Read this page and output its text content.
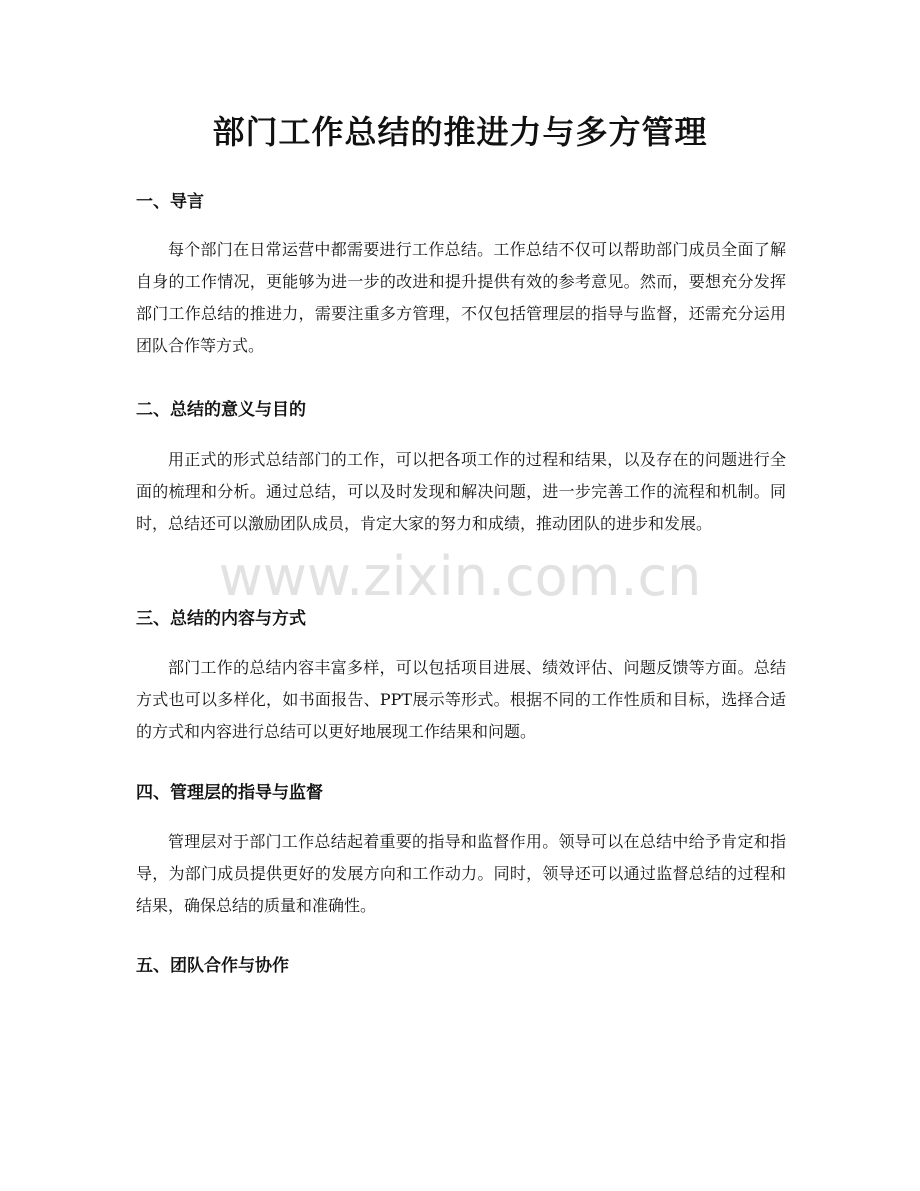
部门工作总结的推进力与多方管理
一、导言

每个部门在日常运营中都需要进行工作总结。工作总结不仅可以帮助部门成员全面了解自身的工作情况，更能够为进一步的改进和提升提供有效的参考意见。然而，要想充分发挥部门工作总结的推进力，需要注重多方管理，不仅包括管理层的指导与监督，还需充分运用团队合作等方式。

二、总结的意义与目的

用正式的形式总结部门的工作，可以把各项工作的过程和结果，以及存在的问题进行全面的梳理和分析。通过总结，可以及时发现和解决问题，进一步完善工作的流程和机制。同时，总结还可以激励团队成员，肯定大家的努力和成绩，推动团队的进步和发展。

三、总结的内容与方式

部门工作的总结内容丰富多样，可以包括项目进展、绩效评估、问题反馈等方面。总结方式也可以多样化，如书面报告、PPT展示等形式。根据不同的工作性质和目标，选择合适的方式和内容进行总结可以更好地展现工作结果和问题。

四、管理层的指导与监督

管理层对于部门工作总结起着重要的指导和监督作用。领导可以在总结中给予肯定和指导，为部门成员提供更好的发展方向和工作动力。同时，领导还可以通过监督总结的过程和结果，确保总结的质量和准确性。

五、团队合作与协作
www.zixin.com.cn
